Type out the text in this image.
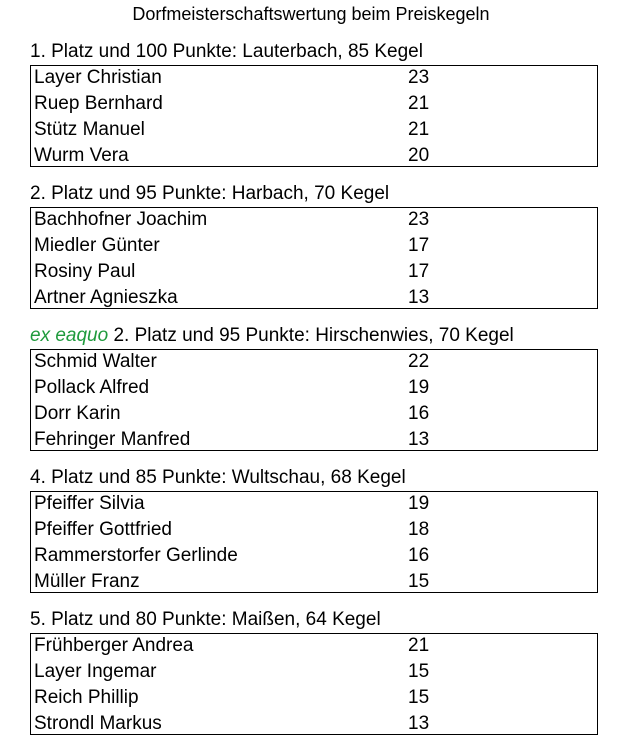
Dorfmeisterschaftswertung beim Preiskegeln
1. Platz und 100 Punkte: Lauterbach, 85 Kegel
Layer Christian	23
Ruep Bernhard	21
Stütz Manuel	21
Wurm Vera	20
2. Platz und 95 Punkte: Harbach, 70 Kegel
Bachhofner Joachim	23
Miedler Günter	17
Rosiny Paul	17
Artner Agnieszka	13
ex eaquo 2. Platz und 95 Punkte: Hirschenwies, 70 Kegel
Schmid Walter	22
Pollack Alfred	19
Dorr Karin	16
Fehringer Manfred	13
4. Platz und 85 Punkte: Wultschau, 68 Kegel
Pfeiffer Silvia	19
Pfeiffer Gottfried	18
Rammerstorfer Gerlinde	16
Müller Franz	15
5. Platz und 80 Punkte: Maißen, 64 Kegel
Frühberger Andrea	21
Layer Ingemar	15
Reich Phillip	15
Strondl Markus	13
